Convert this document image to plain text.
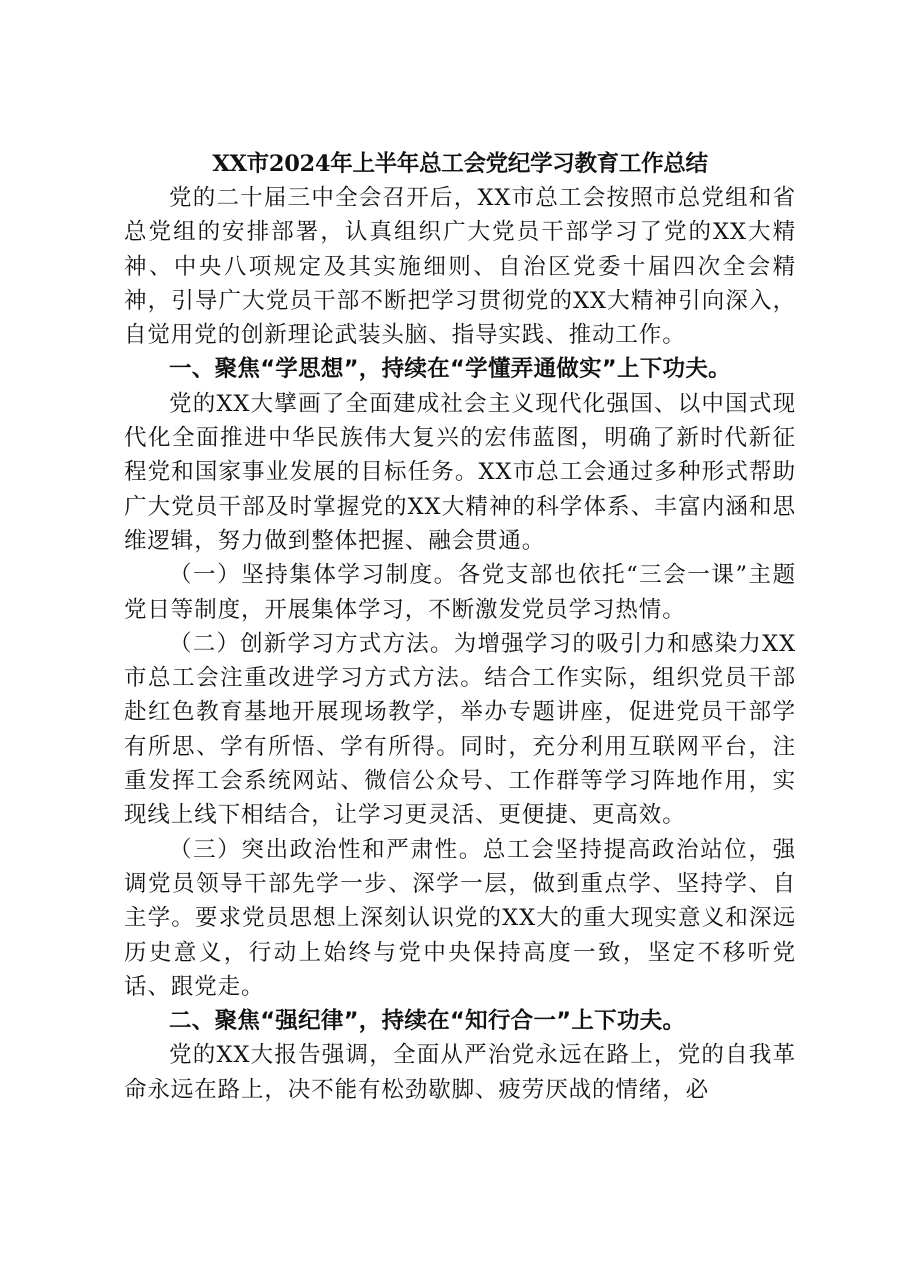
XX市2024年上半年总工会党纪学习教育工作总结

党的二十届三中全会召开后，XX市总工会按照市总党组和省总党组的安排部署，认真组织广大党员干部学习了党的XX大精神、中央八项规定及其实施细则、自治区党委十届四次全会精神，引导广大党员干部不断把学习贯彻党的XX大精神引向深入，自觉用党的创新理论武装头脑、指导实践、推动工作。

一、聚焦“学思想”，持续在“学懂弄通做实”上下功夫。

党的XX大擘画了全面建成社会主义现代化强国、以中国式现代化全面推进中华民族伟大复兴的宏伟蓝图，明确了新时代新征程党和国家事业发展的目标任务。XX市总工会通过多种形式帮助广大党员干部及时掌握党的XX大精神的科学体系、丰富内涵和思维逻辑，努力做到整体把握、融会贯通。

（一）坚持集体学习制度。各党支部也依托“三会一课”主题党日等制度，开展集体学习，不断激发党员学习热情。

（二）创新学习方式方法。为增强学习的吸引力和感染力XX市总工会注重改进学习方式方法。结合工作实际，组织党员干部赴红色教育基地开展现场教学，举办专题讲座，促进党员干部学有所思、学有所悟、学有所得。同时，充分利用互联网平台，注重发挥工会系统网站、微信公众号、工作群等学习阵地作用，实现线上线下相结合，让学习更灵活、更便捷、更高效。

（三）突出政治性和严肃性。总工会坚持提高政治站位，强调党员领导干部先学一步、深学一层，做到重点学、坚持学、自主学。要求党员思想上深刻认识党的XX大的重大现实意义和深远历史意义，行动上始终与党中央保持高度一致，坚定不移听党话、跟党走。

二、聚焦“强纪律”，持续在“知行合一”上下功夫。

党的XX大报告强调，全面从严治党永远在路上，党的自我革命永远在路上，决不能有松劲歇脚、疲劳厌战的情绪，必
